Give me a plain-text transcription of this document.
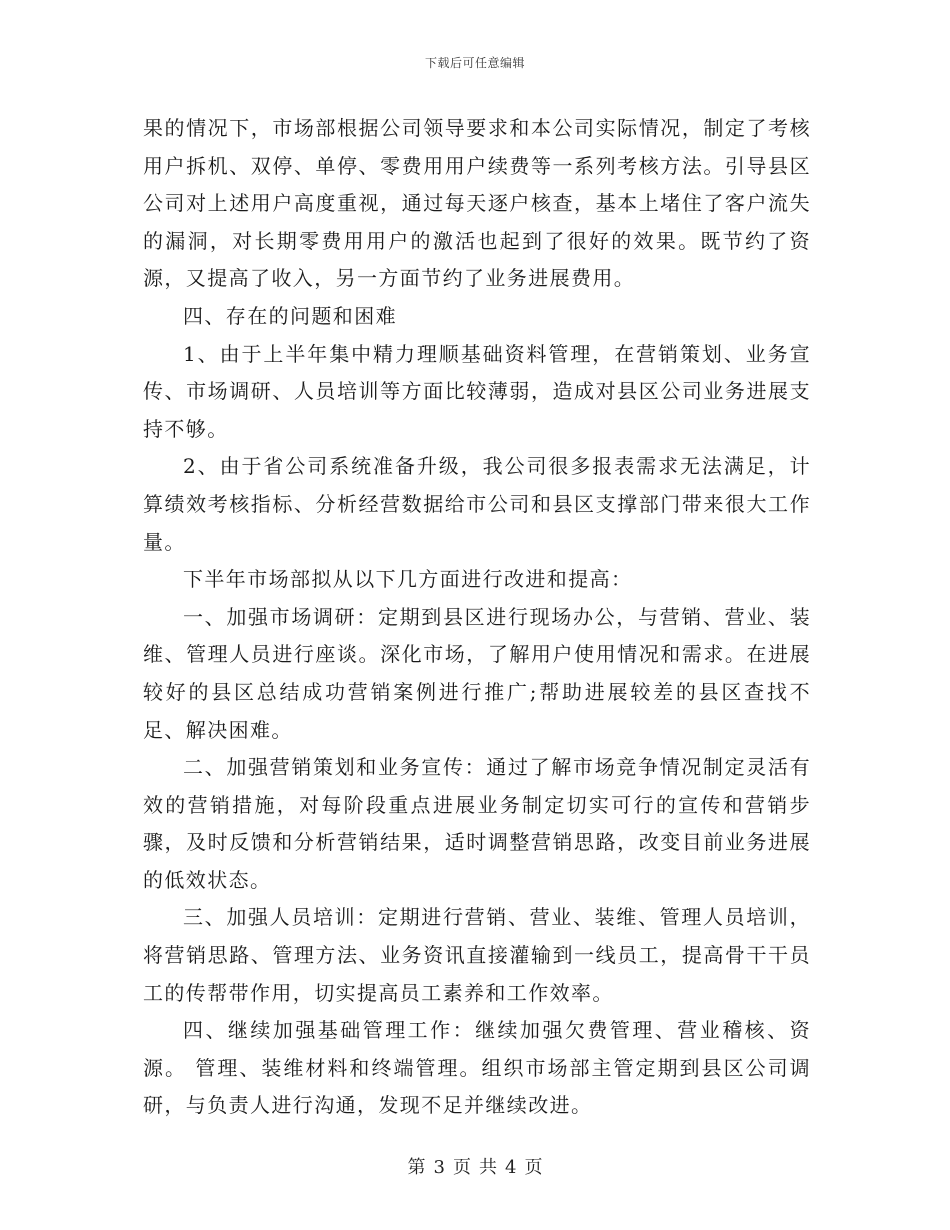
下载后可任意编辑

果的情况下，市场部根据公司领导要求和本公司实际情况，制定了考核用户拆机、双停、单停、零费用用户续费等一系列考核方法。引导县区公司对上述用户高度重视，通过每天逐户核查，基本上堵住了客户流失的漏洞，对长期零费用用户的激活也起到了很好的效果。既节约了资源，又提高了收入，另一方面节约了业务进展费用。

四、存在的问题和困难

1、由于上半年集中精力理顺基础资料管理，在营销策划、业务宣传、市场调研、人员培训等方面比较薄弱，造成对县区公司业务进展支持不够。

2、由于省公司系统准备升级，我公司很多报表需求无法满足，计算绩效考核指标、分析经营数据给市公司和县区支撑部门带来很大工作量。

下半年市场部拟从以下几方面进行改进和提高：

一、加强市场调研：定期到县区进行现场办公，与营销、营业、装维、管理人员进行座谈。深化市场，了解用户使用情况和需求。在进展较好的县区总结成功营销案例进行推广;帮助进展较差的县区查找不足、解决困难。

二、加强营销策划和业务宣传：通过了解市场竞争情况制定灵活有效的营销措施，对每阶段重点进展业务制定切实可行的宣传和营销步骤，及时反馈和分析营销结果，适时调整营销思路，改变目前业务进展的低效状态。

三、加强人员培训：定期进行营销、营业、装维、管理人员培训，将营销思路、管理方法、业务资讯直接灌输到一线员工，提高骨干干员工的传帮带作用，切实提高员工素养和工作效率。

四、继续加强基础管理工作：继续加强欠费管理、营业稽核、资源。 管理、装维材料和终端管理。组织市场部主管定期到县区公司调研，与负责人进行沟通，发现不足并继续改进。

第 3 页 共 4 页
